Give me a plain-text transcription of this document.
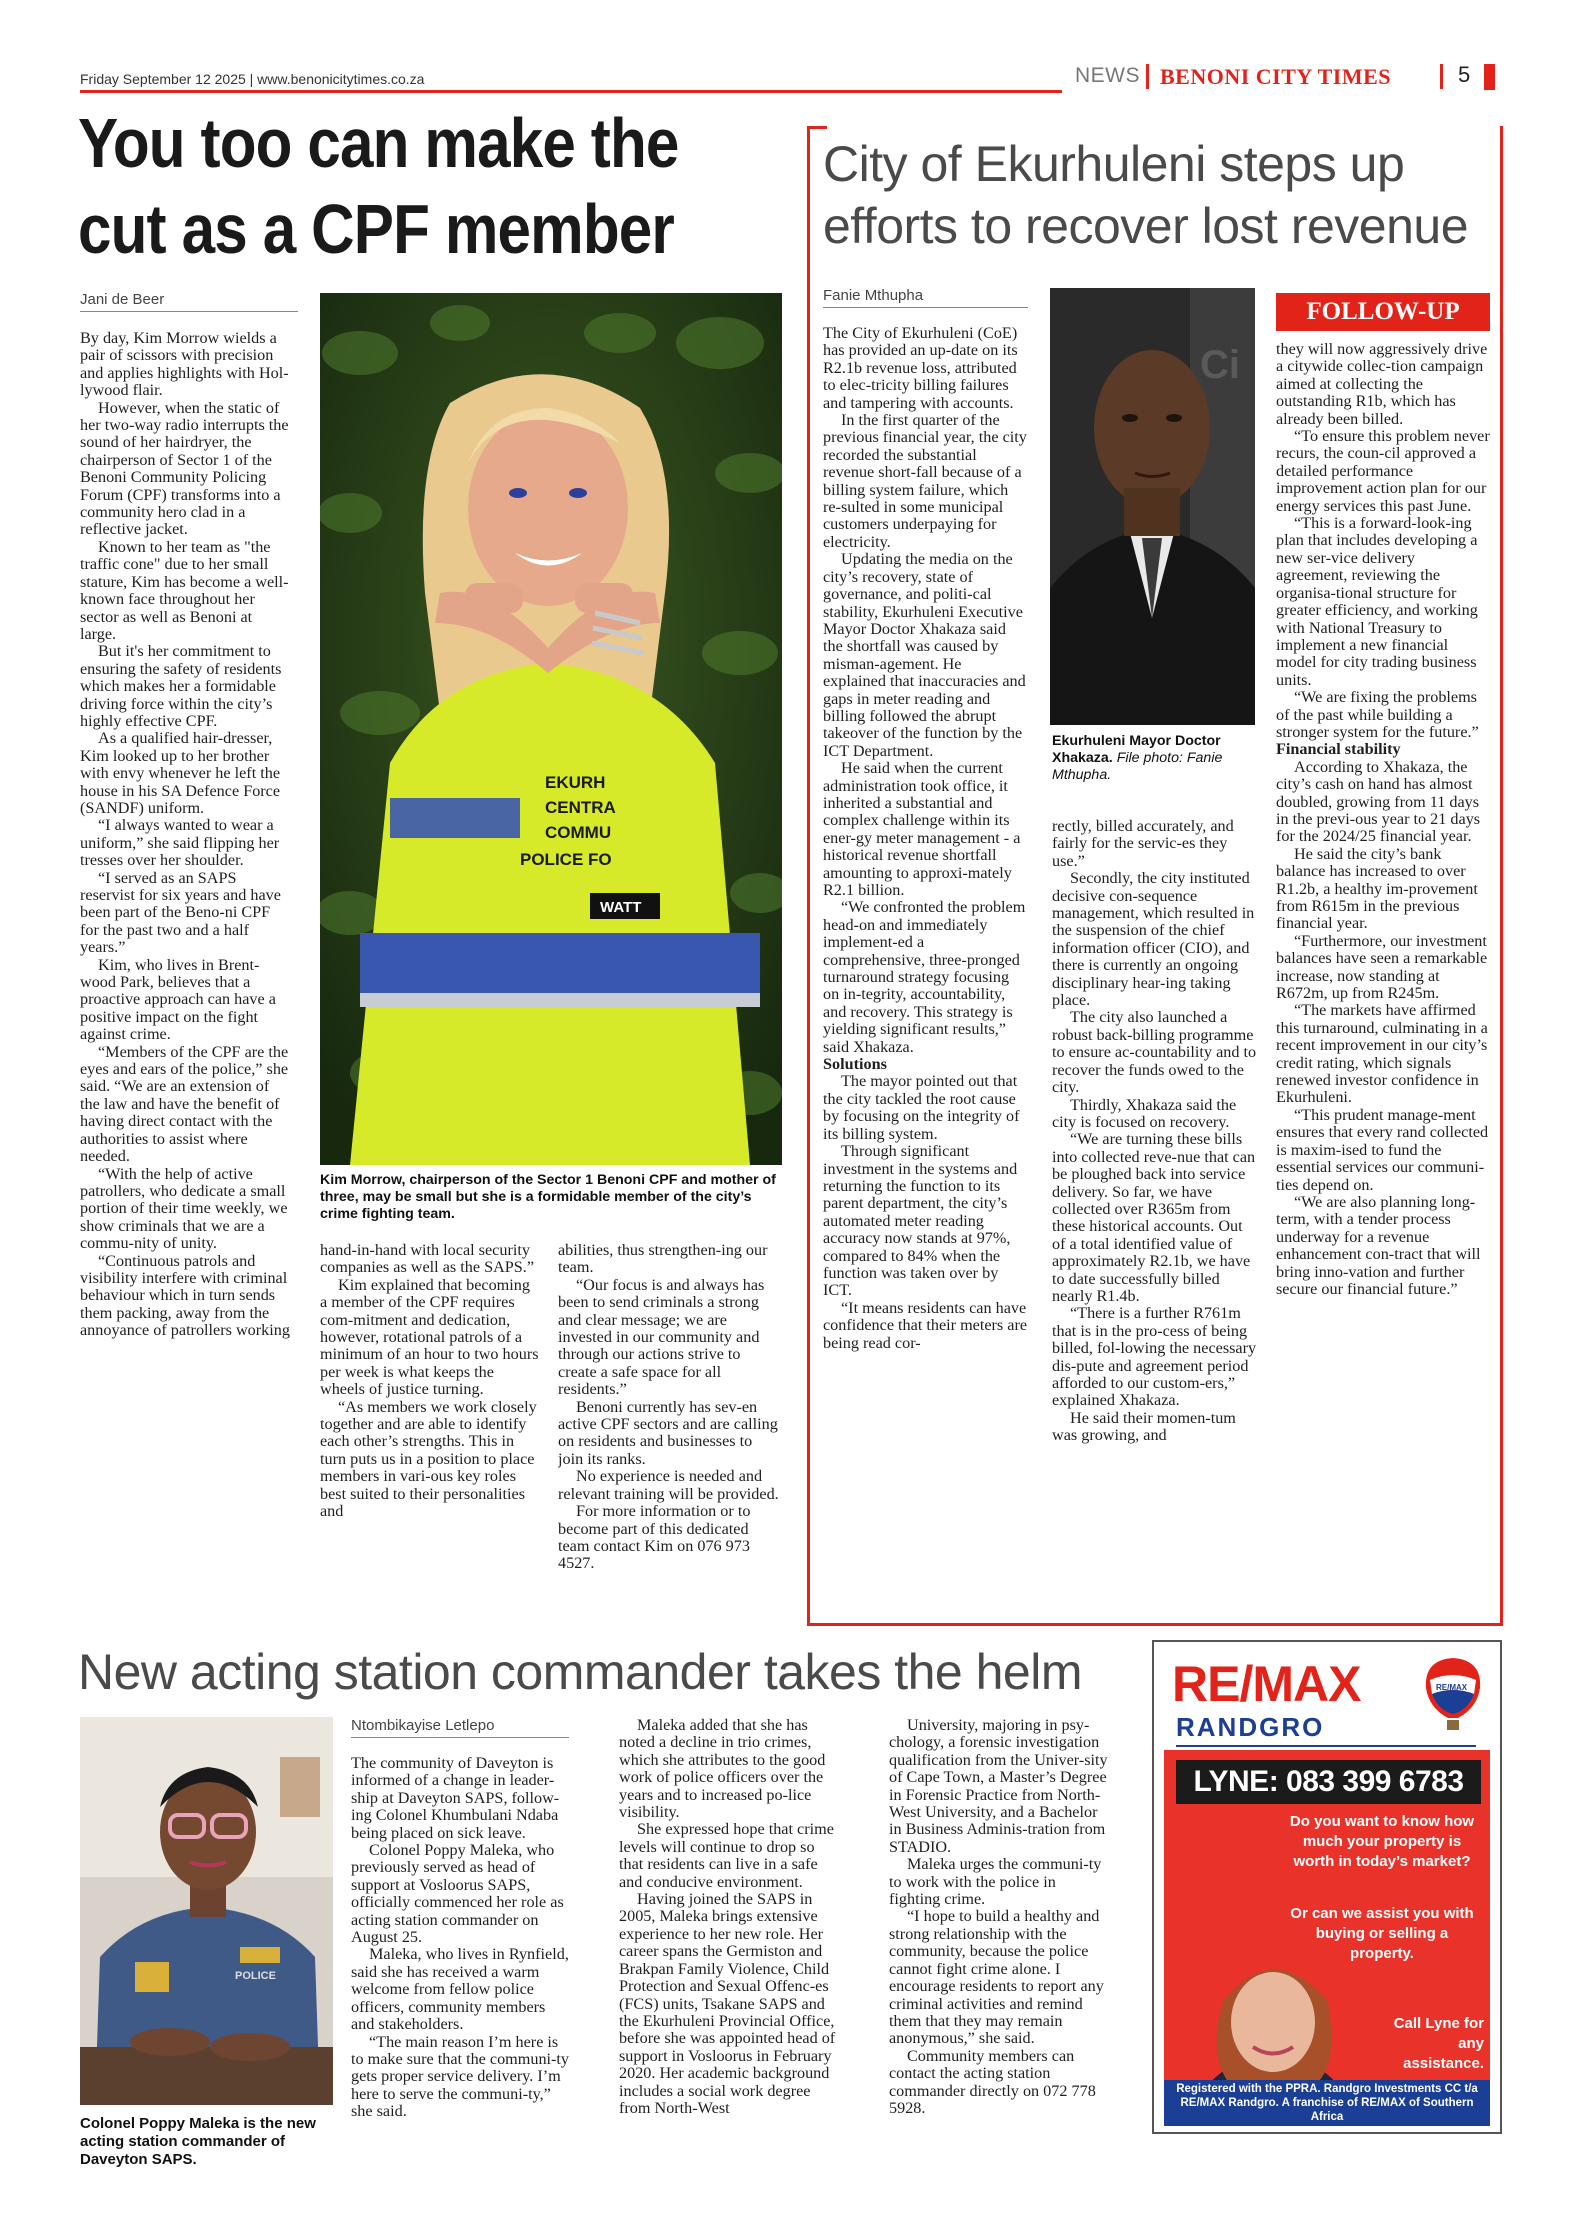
Friday September 12 2025 | www.benonicitytimes.co.za	NEWS BENONI CITY TIMES	5
You too can make the
cut as a CPF member
Jani de Beer

By day, Kim Morrow wields a pair of scissors with precision and applies highlights with Hol-lywood flair.

However, when the static of her two-way radio interrupts the sound of her hairdryer, the chairperson of Sector 1 of the Benoni Community Policing Forum (CPF) transforms into a community hero clad in a reflective jacket.

Known to her team as "the traffic cone" due to her small stature, Kim has become a well-known face throughout her sector as well as Benoni at large.

But it's her commitment to ensuring the safety of residents which makes her a formidable driving force within the city’s highly effective CPF.

As a qualified hair-dresser, Kim looked up to her brother with envy whenever he left the house in his SA Defence Force (SANDF) uniform.

“I always wanted to wear a uniform,” she said flipping her tresses over her shoulder.

“I served as an SAPS reservist for six years and have been part of the Beno-ni CPF for the past two and a half years.”

Kim, who lives in Brent-wood Park, believes that a proactive approach can have a positive impact on the fight against crime.

“Members of the CPF are the eyes and ears of the police,” she said. “We are an extension of the law and have the benefit of having direct contact with the authorities to assist where needed.

“With the help of active patrollers, who dedicate a small portion of their time weekly, we show criminals that we are a commu-nity of unity.

“Continuous patrols and visibility interfere with criminal behaviour which in turn sends them packing, away from the annoyance of patrollers working

EKURH
CENTRA
COMMU
POLICE FO
WATT
Kim Morrow, chairperson of the Sector 1 Benoni CPF and mother of three, may be small but she is a formidable member of the city’s crime fighting team.

hand-in-hand with local security companies as well as the SAPS.”

Kim explained that becoming a member of the CPF requires com-mitment and dedication, however, rotational patrols of a minimum of an hour to two hours per week is what keeps the wheels of justice turning.

“As members we work closely together and are able to identify each other’s strengths. This in turn puts us in a position to place members in vari-ous key roles best suited to their personalities and

abilities, thus strengthen-ing our team.

“Our focus is and always has been to send criminals a strong and clear message; we are invested in our community and through our actions strive to create a safe space for all residents.”

Benoni currently has sev-en active CPF sectors and are calling on residents and businesses to join its ranks.

No experience is needed and relevant training will be provided.

For more information or to become part of this dedicated team contact Kim on 076 973 4527.

City of Ekurhuleni steps up
efforts to recover lost revenue
Fanie Mthupha

The City of Ekurhuleni (CoE) has provided an up-date on its R2.1b revenue loss, attributed to elec-tricity billing failures and tampering with accounts.

In the first quarter of the previous financial year, the city recorded the substantial revenue short-fall because of a billing system failure, which re-sulted in some municipal customers underpaying for electricity.

Updating the media on the city’s recovery, state of governance, and politi-cal stability, Ekurhuleni Executive Mayor Doctor Xhakaza said the shortfall was caused by misman-agement. He explained that inaccuracies and gaps in meter reading and billing followed the abrupt takeover of the function by the ICT Department.

He said when the current administration took office, it inherited a substantial and complex challenge within its ener-gy meter management - a historical revenue shortfall amounting to approxi-mately R2.1 billion.

“We confronted the problem head-on and immediately implement-ed a comprehensive, three-pronged turnaround strategy focusing on in-tegrity, accountability, and recovery. This strategy is yielding significant results,” said Xhakaza.

Solutions

The mayor pointed out that the city tackled the root cause by focusing on the integrity of its billing system.

Through significant investment in the systems and returning the function to its parent department, the city’s automated meter reading accuracy now stands at 97%, compared to 84% when the function was taken over by ICT.

“It means residents can have confidence that their meters are being read cor-

Ci
Ekurhuleni Mayor Doctor Xhakaza. File photo: Fanie Mthupha.

rectly, billed accurately, and fairly for the servic-es they use.”

Secondly, the city instituted decisive con-sequence management, which resulted in the suspension of the chief information officer (CIO), and there is currently an ongoing disciplinary hear-ing taking place.

The city also launched a robust back-billing programme to ensure ac-countability and to recover the funds owed to the city.

Thirdly, Xhakaza said the city is focused on recovery.

“We are turning these bills into collected reve-nue that can be ploughed back into service delivery. So far, we have collected over R365m from these historical accounts. Out of a total identified value of approximately R2.1b, we have to date successfully billed nearly R1.4b.

“There is a further R761m that is in the pro-cess of being billed, fol-lowing the necessary dis-pute and agreement period afforded to our custom-ers,” explained Xhakaza.

He said their momen-tum was growing, and

FOLLOW-UP

they will now aggressively drive a citywide collec-tion campaign aimed at collecting the outstanding R1b, which has already been billed.

“To ensure this problem never recurs, the coun-cil approved a detailed performance improvement action plan for our energy services this past June.

“This is a forward-look-ing plan that includes developing a new ser-vice delivery agreement, reviewing the organisa-tional structure for greater efficiency, and working with National Treasury to implement a new financial model for city trading business units.

“We are fixing the problems of the past while building a stronger system for the future.”

Financial stability

According to Xhakaza, the city’s cash on hand has almost doubled, growing from 11 days in the previ-ous year to 21 days for the 2024/25 financial year.

He said the city’s bank balance has increased to over R1.2b, a healthy im-provement from R615m in the previous financial year.

“Furthermore, our investment balances have seen a remarkable increase, now standing at R672m, up from R245m.

“The markets have affirmed this turnaround, culminating in a recent improvement in our city’s credit rating, which signals renewed investor confidence in Ekurhuleni.

“This prudent manage-ment ensures that every rand collected is maxim-ised to fund the essential services our communi-ties depend on.

“We are also planning long-term, with a tender process underway for a revenue enhancement con-tract that will bring inno-vation and further secure our financial future.”

New acting station commander takes the helm
POLICE
Colonel Poppy Maleka is the new acting station commander of Daveyton SAPS.
Ntombikayise Letlepo

The community of Daveyton is informed of a change in leader-ship at Daveyton SAPS, follow-ing Colonel Khumbulani Ndaba being placed on sick leave.

Colonel Poppy Maleka, who previously served as head of support at Vosloorus SAPS, officially commenced her role as acting station commander on August 25.

Maleka, who lives in Rynfield, said she has received a warm welcome from fellow police officers, community members and stakeholders.

“The main reason I’m here is to make sure that the communi-ty gets proper service delivery. I’m here to serve the communi-ty,” she said.

Maleka added that she has noted a decline in trio crimes, which she attributes to the good work of police officers over the years and to increased po-lice visibility.

She expressed hope that crime levels will continue to drop so that residents can live in a safe and conducive environment.

Having joined the SAPS in 2005, Maleka brings extensive experience to her new role. Her career spans the Germiston and Brakpan Family Violence, Child Protection and Sexual Offenc-es (FCS) units, Tsakane SAPS and the Ekurhuleni Provincial Office, before she was appointed head of support in Vosloorus in February 2020. Her academic background includes a social work degree from North-West

University, majoring in psy-chology, a forensic investigation qualification from the Univer-sity of Cape Town, a Master’s Degree in Forensic Practice from North-West University, and a Bachelor in Business Adminis-tration from STADIO.

Maleka urges the communi-ty to work with the police in fighting crime.

“I hope to build a healthy and strong relationship with the community, because the police cannot fight crime alone. I encourage residents to report any criminal activities and remind them that they may remain anonymous,” she said.

Community members can contact the acting station commander directly on 072 778 5928.

RE/MAX
RANDGRO
RE/MAX
LYNE: 083 399 6783
Do you want to know how much your property is worth in today’s market?
Or can we assist you with buying or selling a property.
Call Lyne for any assistance.
Registered with the PPRA. Randgro Investments CC t/a RE/MAX Randgro. A franchise of RE/MAX of Southern Africa
